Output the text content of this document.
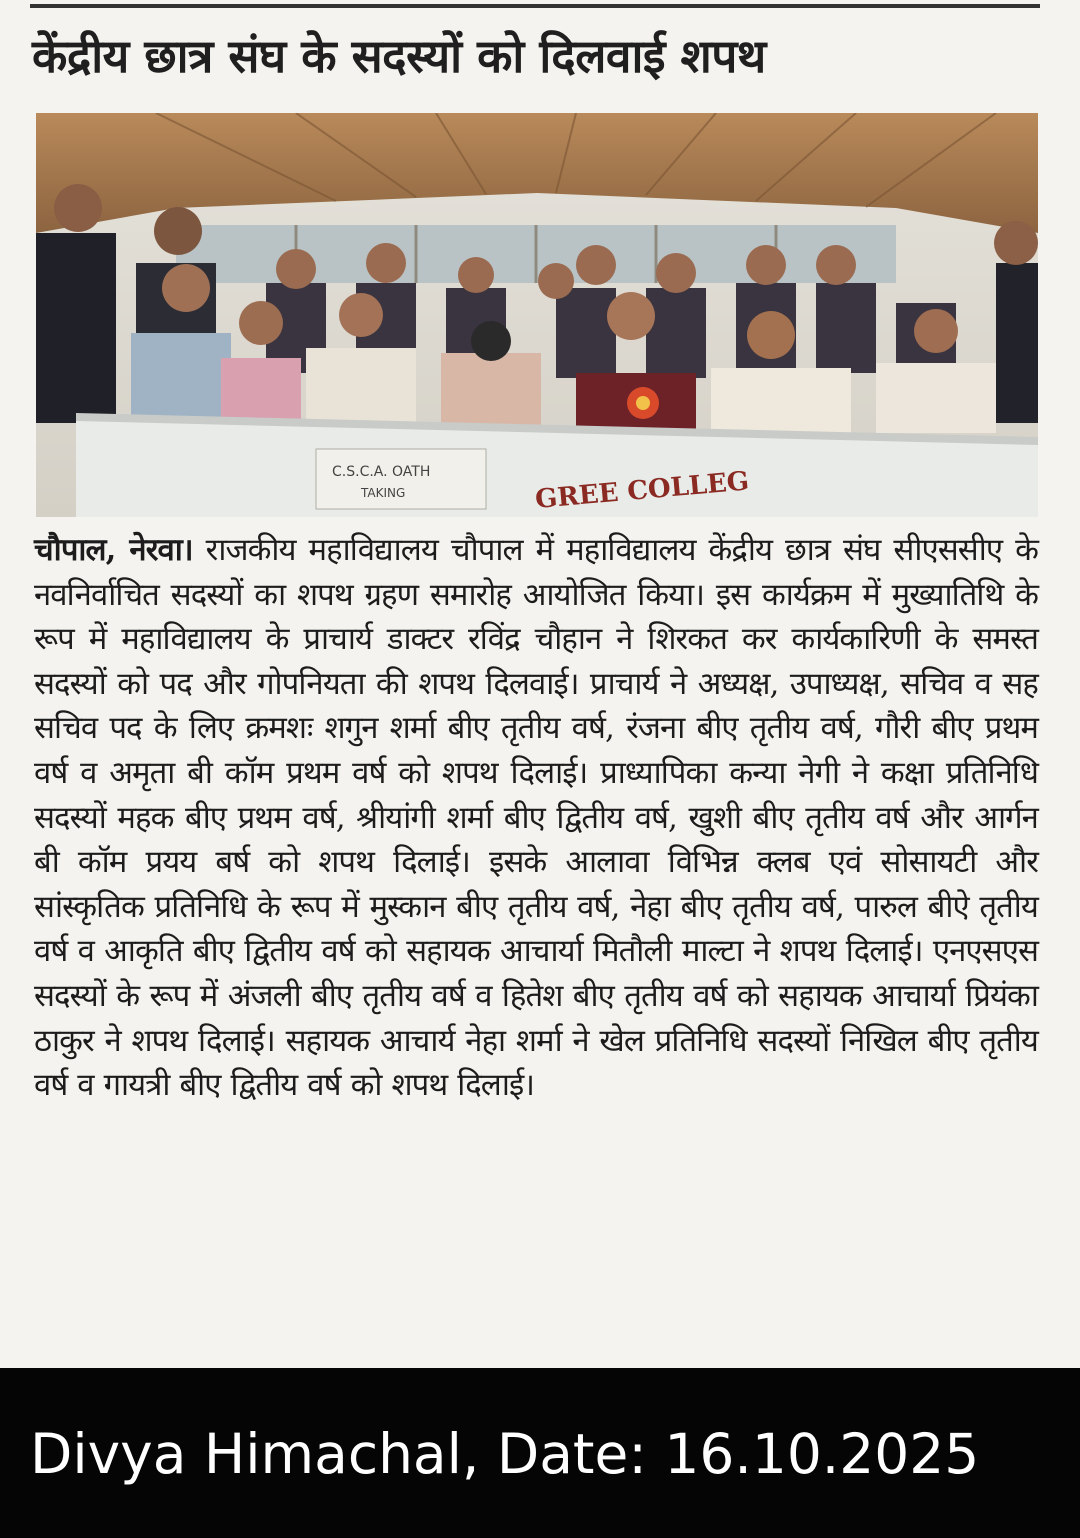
केंद्रीय छात्र संघ के सदस्यों को दिलवाई शपथ
C.S.C.A. OATH
TAKING	GREE COLLEG
चौपाल, नेरवा। राजकीय महाविद्यालय चौपाल में महाविद्यालय केंद्रीय छात्र संघ सीएससीए के नवनिर्वाचित सदस्यों का शपथ ग्रहण समारोह आयोजित किया। इस कार्यक्रम में मुख्यातिथि के रूप में महाविद्यालय के प्राचार्य डाक्टर रविंद्र चौहान ने शिरकत कर कार्यकारिणी के समस्त सदस्यों को पद और गोपनियता की शपथ दिलवाई। प्राचार्य ने अध्यक्ष, उपाध्यक्ष, सचिव व सह सचिव पद के लिए क्रमशः शगुन शर्मा बीए तृतीय वर्ष, रंजना बीए तृतीय वर्ष, गौरी बीए प्रथम वर्ष व अमृता बी कॉम प्रथम वर्ष को शपथ दिलाई। प्राध्यापिका कन्या नेगी ने कक्षा प्रतिनिधि सदस्यों महक बीए प्रथम वर्ष, श्रीयांगी शर्मा बीए द्वितीय वर्ष, खुशी बीए तृतीय वर्ष और आर्गन बी कॉम प्रयय बर्ष को शपथ दिलाई। इसके आलावा विभिन्न क्लब एवं सोसायटी और सांस्कृतिक प्रतिनिधि के रूप में मुस्कान बीए तृतीय वर्ष, नेहा बीए तृतीय वर्ष, पारुल बीऐ तृतीय वर्ष व आकृति बीए द्वितीय वर्ष को सहायक आचार्या मितौली माल्टा ने शपथ दिलाई। एनएसएस सदस्यों के रूप में अंजली बीए तृतीय वर्ष व हितेश बीए तृतीय वर्ष को सहायक आचार्या प्रियंका ठाकुर ने शपथ दिलाई। सहायक आचार्य नेहा शर्मा ने खेल प्रतिनिधि सदस्यों निखिल बीए तृतीय वर्ष व गायत्री बीए द्वितीय वर्ष को शपथ दिलाई।
Divya Himachal, Date: 16.10.2025
